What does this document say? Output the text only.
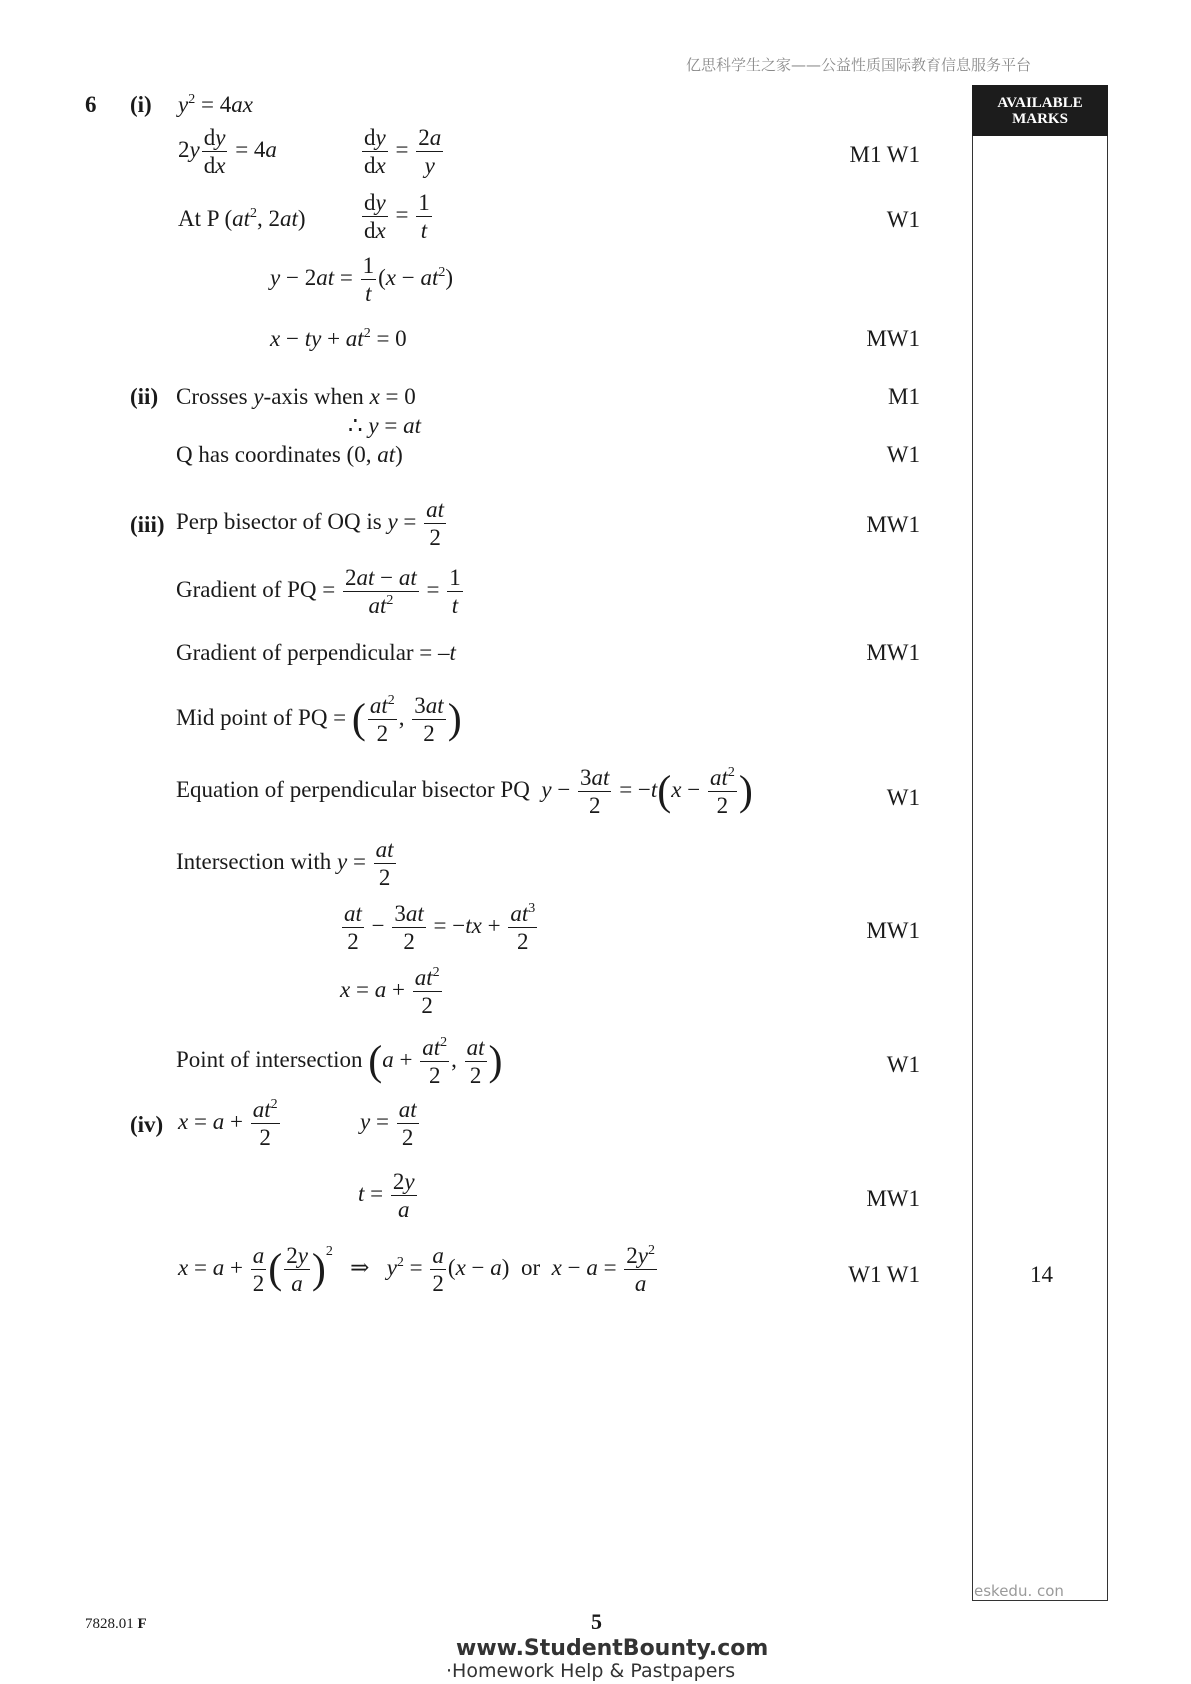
亿思科学生之家——公益性质国际教育信息服务平台
AVAILABLE
MARKS
14
eskedu. con
6 (i) $y^2 = 4ax$
$2y \frac{dy}{dx} = 4a$	$\frac{dy}{dx} = \frac{2a}{y}$	M1 W1
At P ($at^2$, $2at) \frac{dy}{dx} = \frac{1}{t}$	W1
$y - 2at = \frac{1}{t} (x - at^2)$
x − ty + $at^2 = 0$	MW1
(ii) Crosses y-axis when x = 0	M1
∴ y = at
Q has coordinates (0, at)	W1
(iii) Perp bisector of OQ is $y = \frac{at}{2}$	MW1
Gradient of PQ = $\frac{2at - at}{at^2} = \frac{1}{t}$
Gradient of perpendicular = –t	MW1
Mid point of PQ = ( $\frac{at^2}{2}$ , $\frac{3at}{2}$ )
Equation of perpendicular bisector PQ $y - \frac{3at}{2} = -t(x - \frac{at^2}{2}$ )	W1
Intersection with $y = \frac{at}{2}$
$\frac{at}{2} - \frac{3at}{2} = -tx + \frac{at^3}{2}$	MW1
$x = a + \frac{at^2}{2}$
Point of intersection ($a + \frac{at^2}{2}$ , $\frac{at}{2}$ )	W1
(iv) $x = a + \frac{at^2}{2}$	$y = \frac{at}{2}$
$t = \frac{2y}{a}$	MW1
$x = a + \frac{a}{2}$ ( $\frac{2y}{a} )^2$   ⇒   $y^2 = \frac{a}{2} (x - a)$  or $x - a = \frac{2y^2}{a}$	W1 W1
7828.01 F	5
www.StudentBounty.com
·Homework Help & Pastpapers
